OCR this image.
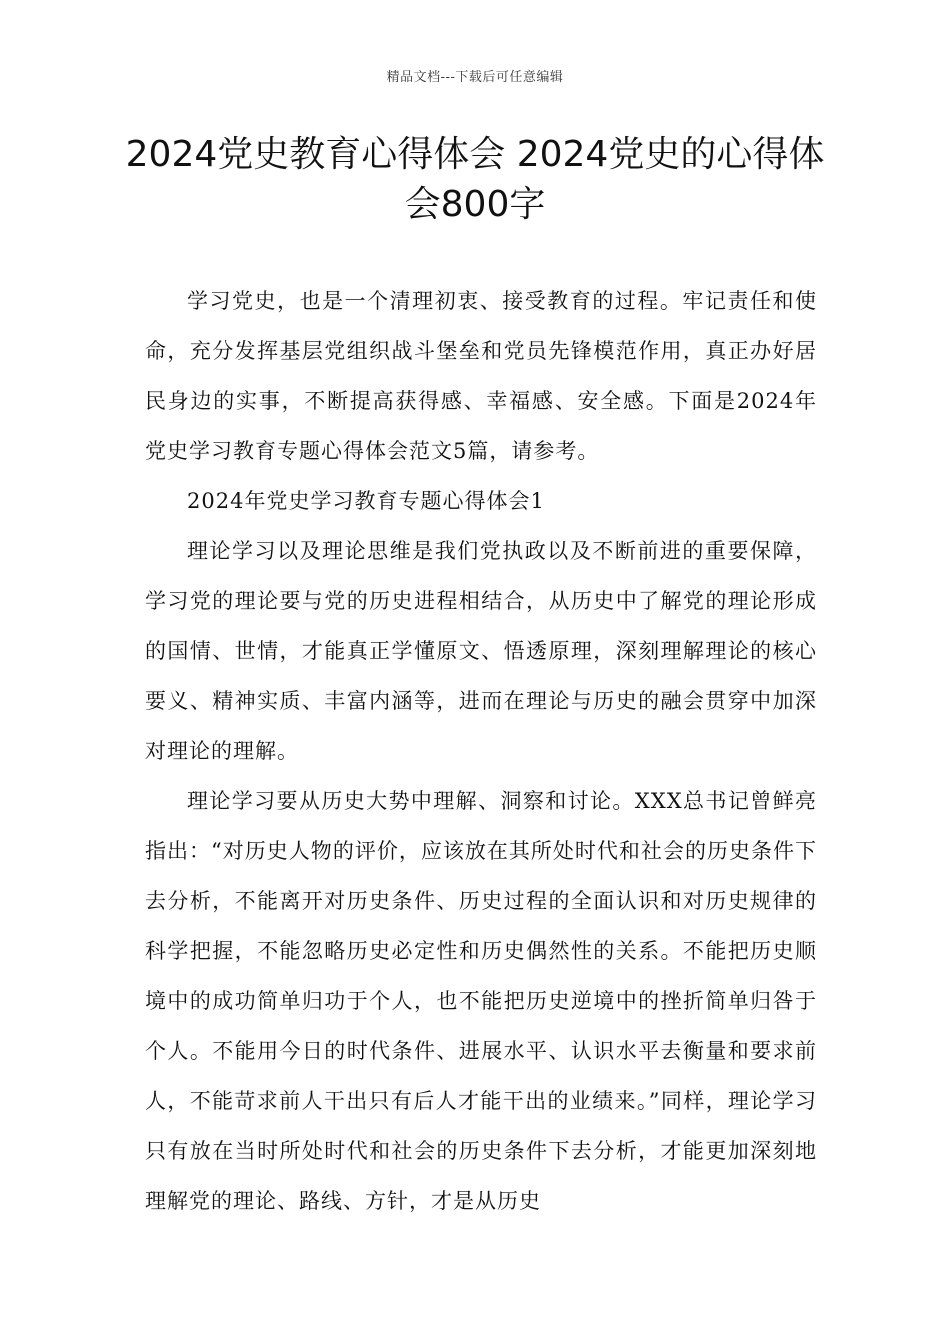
精品文档---下载后可任意编辑
2024党史教育心得体会 2024党史的心得体会800字

学习党史，也是一个清理初衷、接受教育的过程。牢记责任和使命，充分发挥基层党组织战斗堡垒和党员先锋模范作用，真正办好居民身边的实事，不断提高获得感、幸福感、安全感。下面是2024年党史学习教育专题心得体会范文5篇，请参考。

2024年党史学习教育专题心得体会1

理论学习以及理论思维是我们党执政以及不断前进的重要保障，学习党的理论要与党的历史进程相结合，从历史中了解党的理论形成的国情、世情，才能真正学懂原文、悟透原理，深刻理解理论的核心要义、精神实质、丰富内涵等，进而在理论与历史的融会贯穿中加深对理论的理解。

理论学习要从历史大势中理解、洞察和讨论。XXX总书记曾鲜亮指出：“对历史人物的评价，应该放在其所处时代和社会的历史条件下去分析，不能离开对历史条件、历史过程的全面认识和对历史规律的科学把握，不能忽略历史必定性和历史偶然性的关系。不能把历史顺境中的成功简单归功于个人，也不能把历史逆境中的挫折简单归咎于个人。不能用今日的时代条件、进展水平、认识水平去衡量和要求前人，不能苛求前人干出只有后人才能干出的业绩来。”同样，理论学习只有放在当时所处时代和社会的历史条件下去分析，才能更加深刻地理解党的理论、路线、方针，才是从历史
